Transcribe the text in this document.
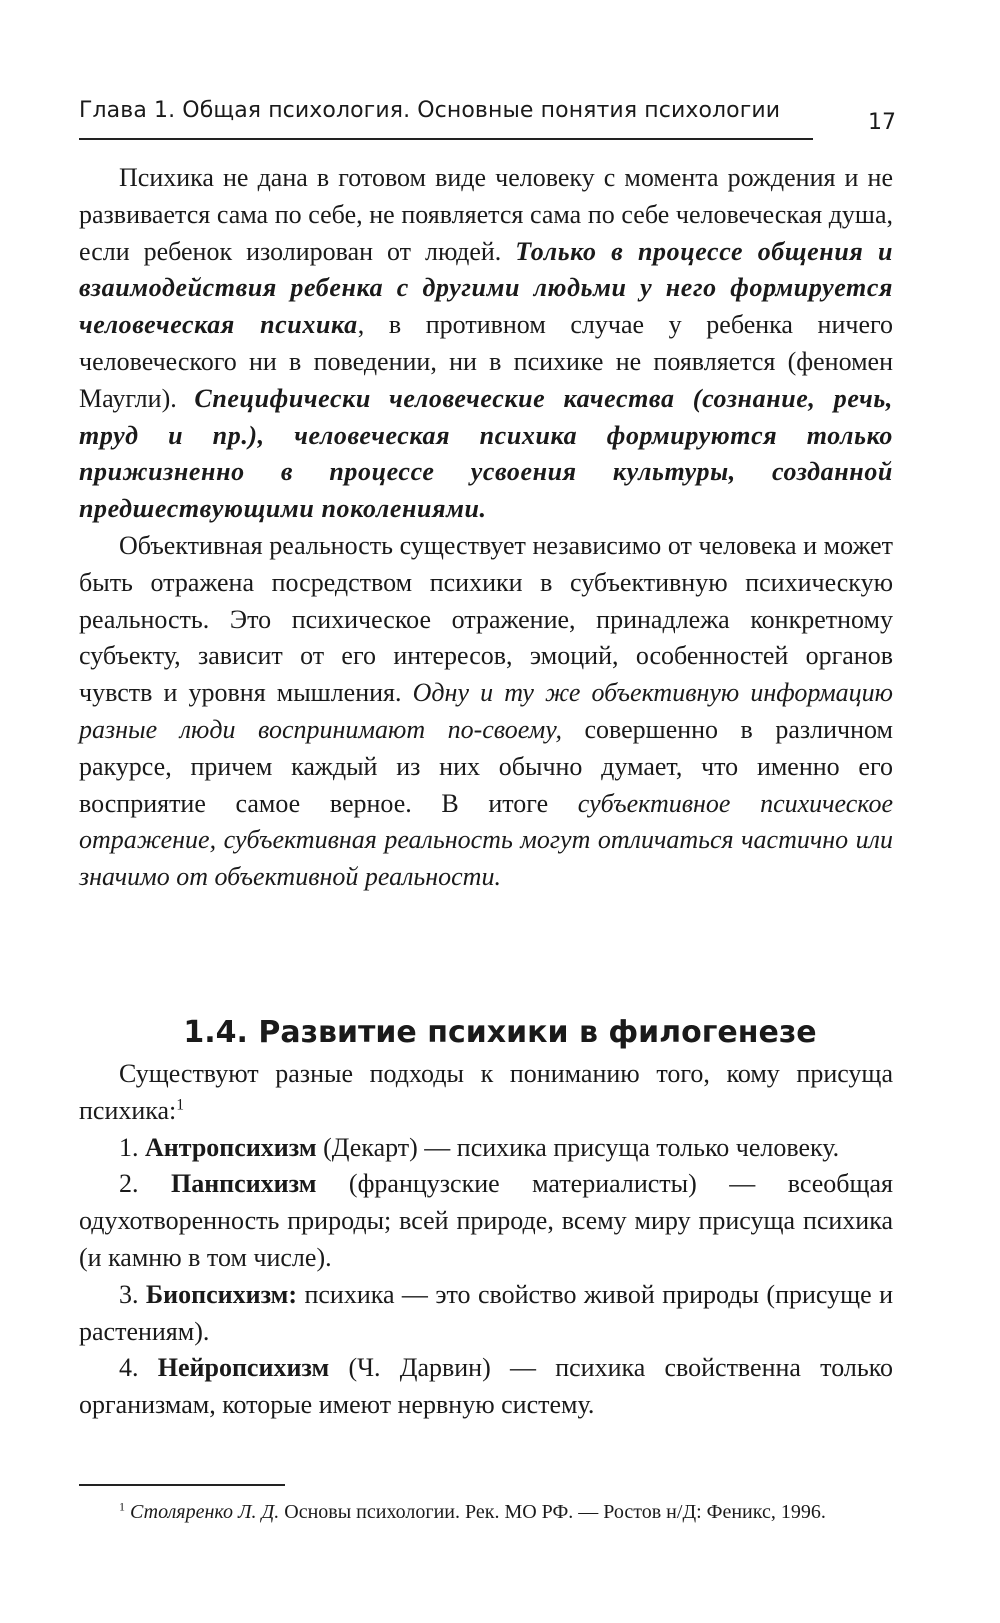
Глава 1. Общая психология. Основные понятия психологии	17

Психика не дана в готовом виде человеку с момента рождения и не развивается сама по себе, не появляется сама по себе человеческая душа, если ребенок изолирован от людей. Только в процессе общения и взаимодействия ребенка с другими людьми у него формируется человеческая психика, в противном случае у ребенка ничего человеческого ни в поведении, ни в психике не появляется (феномен Маугли). Специфически человеческие качества (сознание, речь, труд и пр.), человеческая психика формируются только прижизненно в процессе усвоения культуры, созданной предшествующими поколениями.

Объективная реальность существует независимо от человека и может быть отражена посредством психики в субъективную психическую реальность. Это психическое отражение, принадлежа конкретному субъекту, зависит от его интересов, эмоций, особенностей органов чувств и уровня мышления. Одну и ту же объективную информацию разные люди воспринимают по-своему, совершенно в различном ракурсе, причем каждый из них обычно думает, что именно его восприятие самое верное. В итоге субъективное психическое отражение, субъективная реальность могут отличаться частично или значимо от объективной реальности.

1.4. Развитие психики в филогенезе

Существуют разные подходы к пониманию того, кому присуща психика:$^1$

1. Антропсихизм (Декарт) — психика присуща только человеку.

2. Панпсихизм (французские материалисты) — всеобщая одухотворенность природы; всей природе, всему миру присуща психика (и камню в том числе).

3. Биопсихизм: психика — это свойство живой природы (присуще и растениям).

4. Нейропсихизм (Ч. Дарвин) — психика свойственна только организмам, которые имеют нервную систему.

$^1$ Столяренко Л. Д. Основы психологии. Рек. МО РФ. — Ростов н/Д: Феникс, 1996.
